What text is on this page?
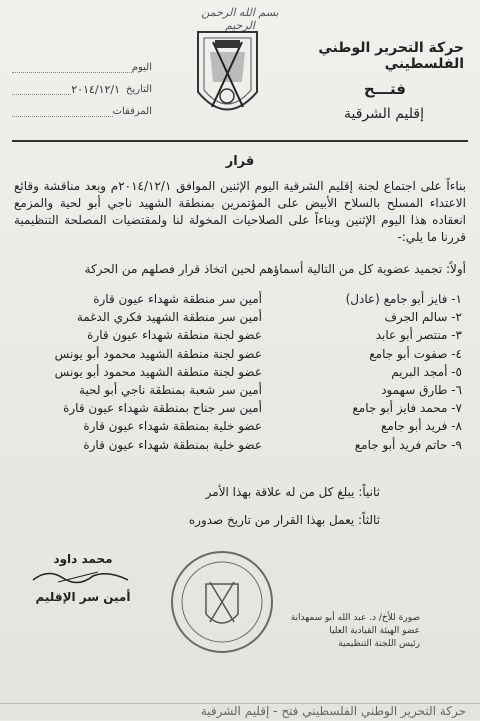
بسم الله الرحمن الرحيم
حركة التحرير الوطني الفلسطيني
فتـــح
إقليم الشرقية
اليوم
التاريخ
٢٠١٤/١٢/١
المرفقات
قرار
بناءاً على اجتماع لجنة إقليم الشرقية اليوم الإثنين الموافق ٢٠١٤/١٢/١م وبعد مناقشة وقائع الاعتداء المسلح بالسلاح الأبيض على المؤتمرين بمنطقة الشهيد ناجي أبو لحية والمزمع انعقاده هذا اليوم الإثنين وبناءاً على الصلاحيات المخولة لنا ولمقتضيات المصلحة التنظيمية قررنا ما يلي:-
أولاً: تجميد عضوية كل من التالية أسماؤهم لحين اتخاذ قرار فصلهم من الحركة
١- فايز أبو جامع (عادل)
أمين سر منطقة شهداء عيون قارة
٢- سالم الجرف
أمين سر منطقة الشهيد فكري الدغمة
٣- منتصر أبو عابد
عضو لجنة منطقة شهداء عيون قارة
٤- صفوت أبو جامع
عضو لجنة منطقة الشهيد محمود أبو يونس
٥- أمجد البريم
عضو لجنة منطقة الشهيد محمود أبو يونس
٦- طارق سهمود
أمين سر شعبة بمنطقة ناجي أبو لحية
٧- محمد فايز أبو جامع
أمين سر جناح بمنطقة شهداء عيون قارة
٨- فريد أبو جامع
عضو خلية بمنطقة شهداء عيون قارة
٩- حاتم فريد أبو جامع
عضو خلية بمنطقة شهداء عيون قارة
ثانياً: يبلغ كل من له علاقة بهذا الأمر
ثالثاً: يعمل بهذا القرار من تاريخ صدوره
محمد داود
أمين سر الإقليم
صورة للأخ/ د. عبد الله أبو سمهدانة
عضو الهيئة القيادية العليا
رئيس اللجنة التنظيمية
حركة التحرير الوطني الفلسطيني فتح - إقليم الشرقية
